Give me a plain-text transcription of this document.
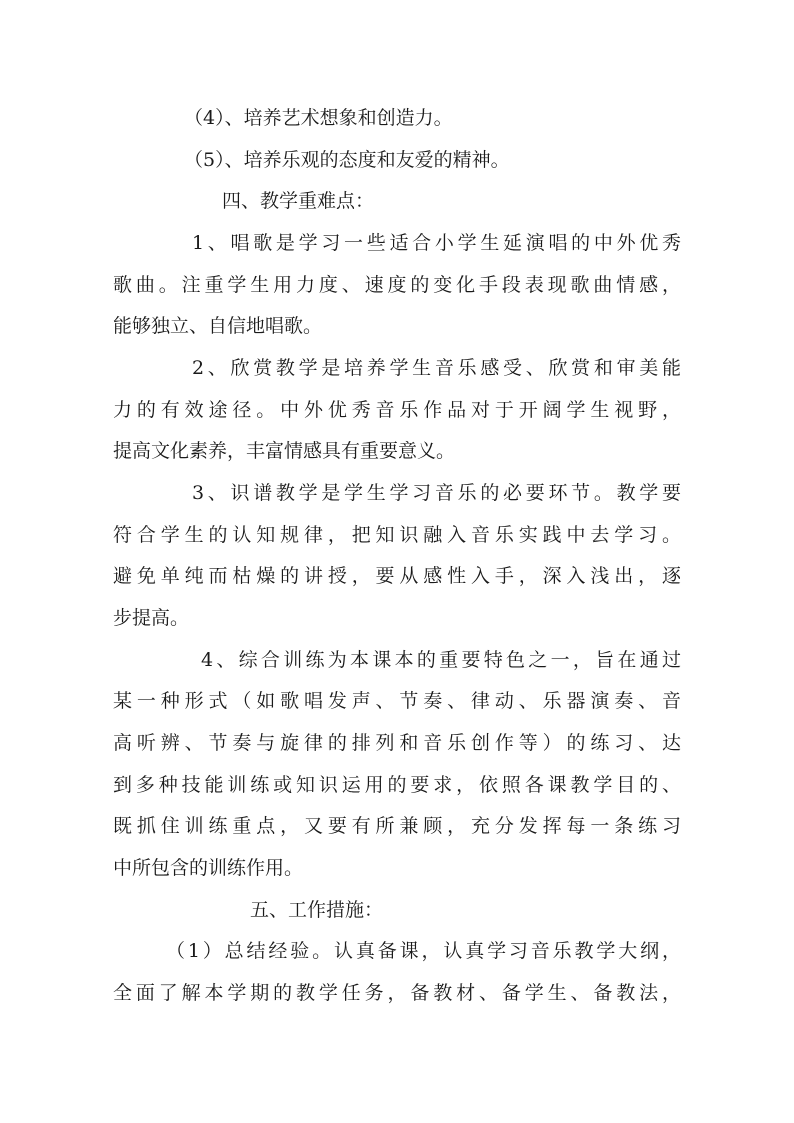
（4）、培养艺术想象和创造力。
（5）、培养乐观的态度和友爱的精神。
四、教学重难点：
1、唱歌是学习一些适合小学生延演唱的中外优秀
歌曲。注重学生用力度、速度的变化手段表现歌曲情感，
能够独立、自信地唱歌。
2、欣赏教学是培养学生音乐感受、欣赏和审美能
力的有效途径。中外优秀音乐作品对于开阔学生视野，
提高文化素养，丰富情感具有重要意义。
3、识谱教学是学生学习音乐的必要环节。教学要
符合学生的认知规律，把知识融入音乐实践中去学习。
避免单纯而枯燥的讲授，要从感性入手，深入浅出，逐
步提高。
4、综合训练为本课本的重要特色之一，旨在通过
某一种形式（如歌唱发声、节奏、律动、乐器演奏、音
高听辨、节奏与旋律的排列和音乐创作等）的练习、达
到多种技能训练或知识运用的要求，依照各课教学目的、
既抓住训练重点，又要有所兼顾，充分发挥每一条练习
中所包含的训练作用。
五、工作措施：
（1）总结经验。认真备课，认真学习音乐教学大纲，
全面了解本学期的教学任务，备教材、备学生、备教法，
